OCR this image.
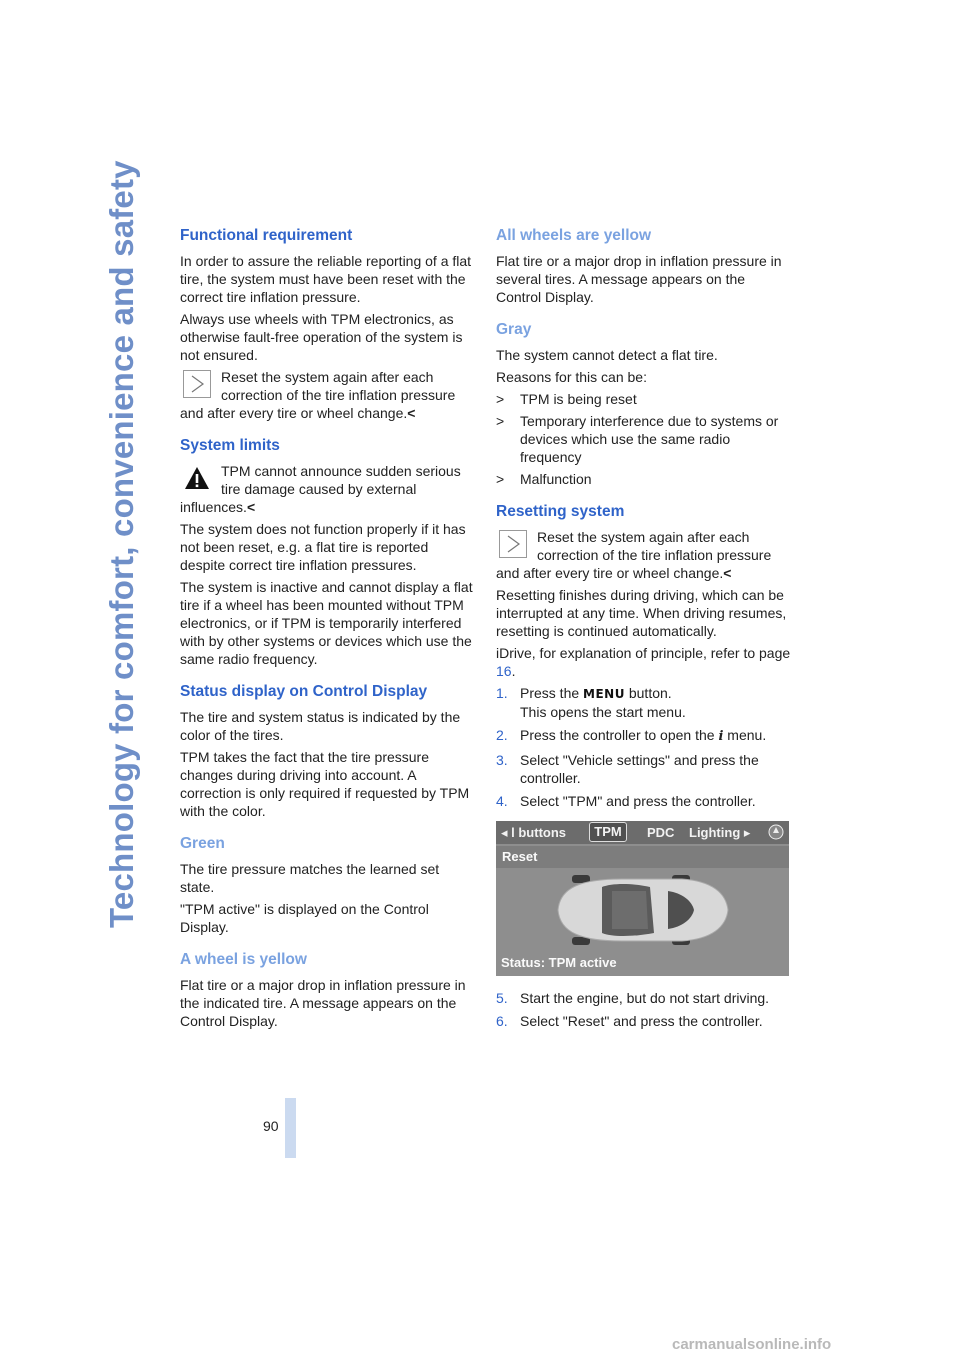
Technology for comfort, convenience and safety	Functional requirement

In order to assure the reliable reporting of a flat tire, the system must have been reset with the correct tire inflation pressure.

Always use wheels with TPM electronics, as otherwise fault-free operation of the system is not ensured.

Reset the system again after each correction of the tire inflation pressure and after every tire or wheel change.<
System limits
TPM cannot announce sudden serious tire damage caused by external influences.<

The system does not function properly if it has not been reset, e.g. a flat tire is reported despite correct tire inflation pressures.

The system is inactive and cannot display a flat tire if a wheel has been mounted without TPM electronics, or if TPM is temporarily interfered with by other systems or devices which use the same radio frequency.

Status display on Control Display

The tire and system status is indicated by the color of the tires.

TPM takes the fact that the tire pressure changes during driving into account. A correction is only required if requested by TPM with the color.

Green

The tire pressure matches the learned set state.

"TPM active" is displayed on the Control Display.

A wheel is yellow

Flat tire or a major drop in inflation pressure in the indicated tire. A message appears on the Control Display.

All wheels are yellow

Flat tire or a major drop in inflation pressure in several tires. A message appears on the Control Display.

Gray

The system cannot detect a flat tire.

Reasons for this can be:

> TPM is being reset
> Temporary interference due to systems or devices which use the same radio frequency
> Malfunction
Resetting system
Reset the system again after each correction of the tire inflation pressure and after every tire or wheel change.<

Resetting finishes during driving, which can be interrupted at any time. When driving resumes, resetting is continued automatically.

iDrive, for explanation of principle, refer to page 16.

1. Press the MENU button.
This opens the start menu.
2. Press the controller to open the i menu.
3. Select "Vehicle settings" and press the controller.
4. Select "TPM" and press the controller.
◂ l buttons	TPM	PDC Lighting ▸
Reset
Status: TPM active
5. Start the engine, but do not start driving.
6. Select "Reset" and press the controller.
90
carmanualsonline.info
